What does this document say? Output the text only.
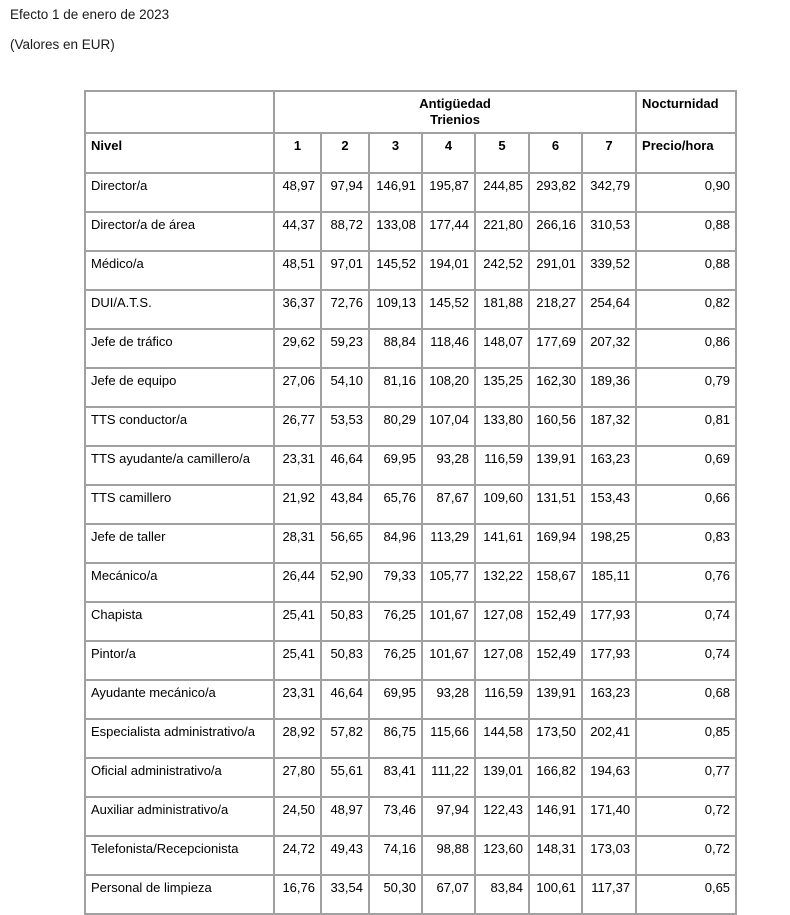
Efecto 1 de enero de 2023
(Valores en EUR)

	Antigüedad
Trienios							Nocturnidad
Nivel	1	2	3	4	5	6	7	Precio/hora
Director/a	48,97	97,94	146,91	195,87	244,85	293,82	342,79	0,90
Director/a de área	44,37	88,72	133,08	177,44	221,80	266,16	310,53	0,88
Médico/a	48,51	97,01	145,52	194,01	242,52	291,01	339,52	0,88
DUI/A.T.S.	36,37	72,76	109,13	145,52	181,88	218,27	254,64	0,82
Jefe de tráfico	29,62	59,23	88,84	118,46	148,07	177,69	207,32	0,86
Jefe de equipo	27,06	54,10	81,16	108,20	135,25	162,30	189,36	0,79
TTS conductor/a	26,77	53,53	80,29	107,04	133,80	160,56	187,32	0,81
TTS ayudante/a camillero/a	23,31	46,64	69,95	93,28	116,59	139,91	163,23	0,69
TTS camillero	21,92	43,84	65,76	87,67	109,60	131,51	153,43	0,66
Jefe de taller	28,31	56,65	84,96	113,29	141,61	169,94	198,25	0,83
Mecánico/a	26,44	52,90	79,33	105,77	132,22	158,67	185,11	0,76
Chapista	25,41	50,83	76,25	101,67	127,08	152,49	177,93	0,74
Pintor/a	25,41	50,83	76,25	101,67	127,08	152,49	177,93	0,74
Ayudante mecánico/a	23,31	46,64	69,95	93,28	116,59	139,91	163,23	0,68
Especialista administrativo/a	28,92	57,82	86,75	115,66	144,58	173,50	202,41	0,85
Oficial administrativo/a	27,80	55,61	83,41	111,22	139,01	166,82	194,63	0,77
Auxiliar administrativo/a	24,50	48,97	73,46	97,94	122,43	146,91	171,40	0,72
Telefonista/Recepcionista	24,72	49,43	74,16	98,88	123,60	148,31	173,03	0,72
Personal de limpieza	16,76	33,54	50,30	67,07	83,84	100,61	117,37	0,65
